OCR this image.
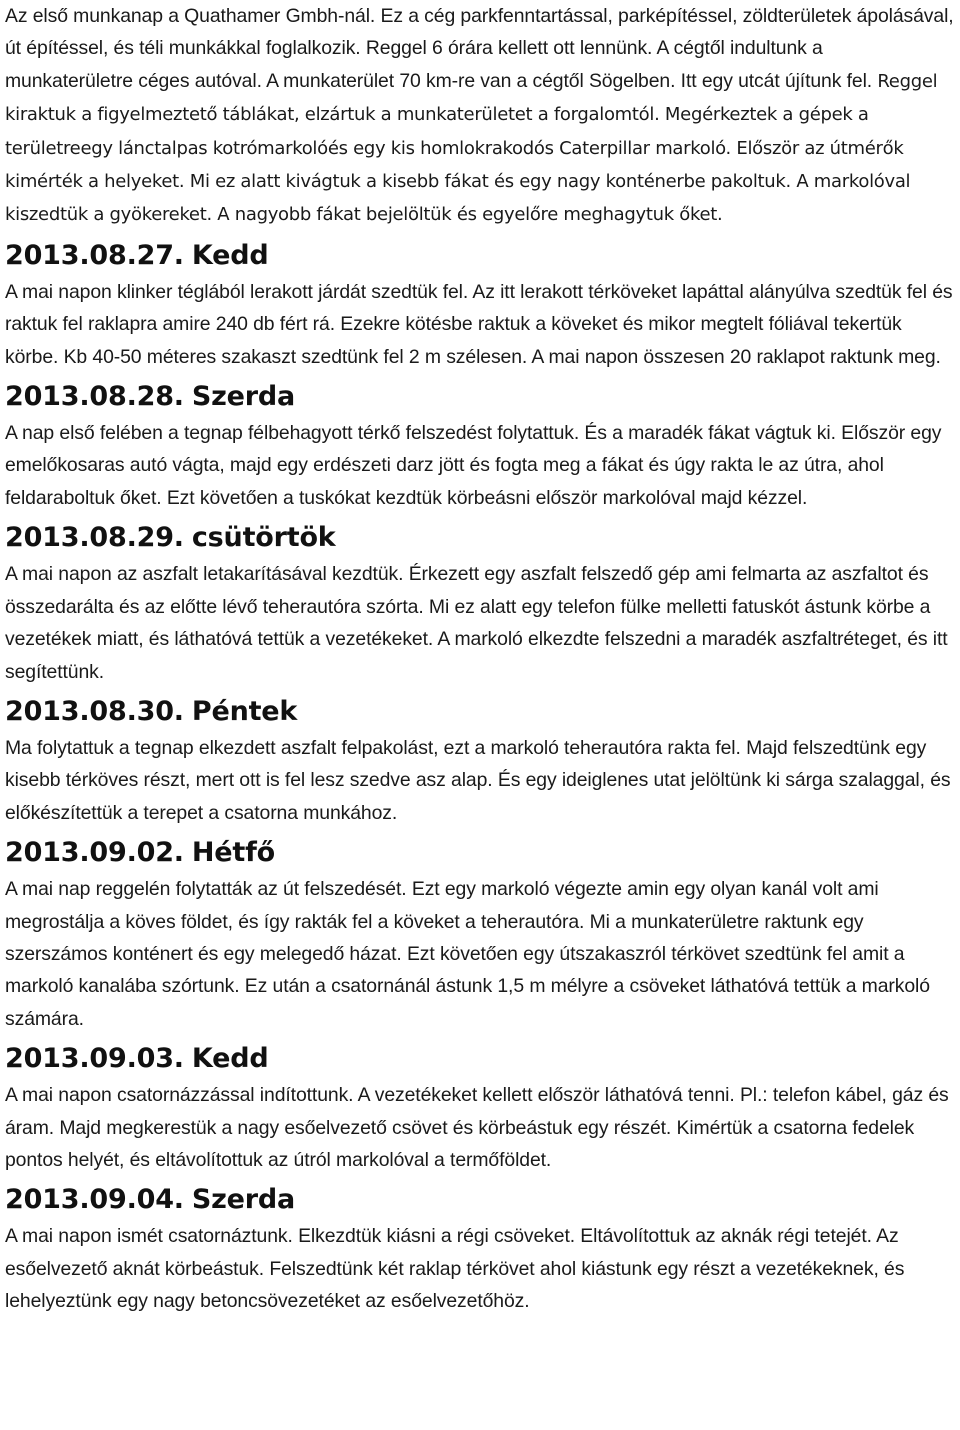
Az első munkanap a Quathamer Gmbh-nál. Ez a cég parkfenntartással, parképítéssel, zöldterületek ápolásával, út építéssel, és téli munkákkal foglalkozik. Reggel 6 órára kellett ott lennünk. A cégtől indultunk a munkaterületre céges autóval. A munkaterület 70 km-re van a cégtől Sögelben. Itt egy utcát újítunk fel. Reggel kiraktuk a figyelmeztető táblákat, elzártuk a munkaterületet a forgalomtól. Megérkeztek a gépek a területreegy lánctalpas kotrómarkolóés egy kis homlokrakodós Caterpillar markoló. Először az útmérők kimérték a helyeket. Mi ez alatt kivágtuk a kisebb fákat és egy nagy konténerbe pakoltuk. A markolóval kiszedtük a gyökereket. A nagyobb fákat bejelöltük és egyelőre meghagytuk őket.

2013.08.27. Kedd

A mai napon klinker téglából lerakott járdát szedtük fel. Az itt lerakott térköveket lapáttal alányúlva szedtük fel és raktuk fel raklapra amire 240 db fért rá. Ezekre kötésbe raktuk a köveket és mikor megtelt fóliával tekertük körbe. Kb 40-50 méteres szakaszt szedtünk fel 2 m szélesen. A mai napon összesen 20 raklapot raktunk meg.

2013.08.28. Szerda

A nap első felében a tegnap félbehagyott térkő felszedést folytattuk. És a maradék fákat vágtuk ki. Először egy emelőkosaras autó vágta, majd egy erdészeti darz jött és fogta meg a fákat és úgy rakta le az útra, ahol feldaraboltuk őket. Ezt követően a tuskókat kezdtük körbeásni először markolóval majd kézzel.

2013.08.29. csütörtök

A mai napon az aszfalt letakarításával kezdtük. Érkezett egy aszfalt felszedő gép ami felmarta az aszfaltot és összedarálta és az előtte lévő teherautóra szórta. Mi ez alatt egy telefon fülke melletti fatuskót ástunk körbe a vezetékek miatt, és láthatóvá tettük a vezetékeket. A markoló elkezdte felszedni a maradék aszfaltréteget, és itt segítettünk.

2013.08.30. Péntek

Ma folytattuk a tegnap elkezdett aszfalt felpakolást, ezt a markoló teherautóra rakta fel. Majd felszedtünk egy kisebb térköves részt, mert ott is fel lesz szedve asz alap. És egy ideiglenes utat jelöltünk ki sárga szalaggal, és előkészítettük a terepet a csatorna munkához.

2013.09.02. Hétfő

A mai nap reggelén folytatták az út felszedését. Ezt egy markoló végezte amin egy olyan kanál volt ami megrostálja a köves földet, és így rakták fel a köveket a teherautóra. Mi a munkaterületre raktunk egy szerszámos konténert és egy melegedő házat. Ezt követően egy útszakaszról térkövet szedtünk fel amit a markoló kanalába szórtunk. Ez után a csatornánál ástunk 1,5 m mélyre a csöveket láthatóvá tettük a markoló számára.

2013.09.03. Kedd

A mai napon csatornázzással indítottunk. A vezetékeket kellett először láthatóvá tenni. Pl.: telefon kábel, gáz és áram. Majd megkerestük a nagy esőelvezető csövet és körbeástuk egy részét. Kimértük a csatorna fedelek pontos helyét, és eltávolítottuk az útról markolóval a termőföldet.

2013.09.04. Szerda

A mai napon ismét csatornáztunk. Elkezdtük kiásni a régi csöveket. Eltávolítottuk az aknák régi tetejét. Az esőelvezető aknát körbeástuk. Felszedtünk két raklap térkövet ahol kiástunk egy részt a vezetékeknek, és lehelyeztünk egy nagy betoncsövezetéket az esőelvezetőhöz.
